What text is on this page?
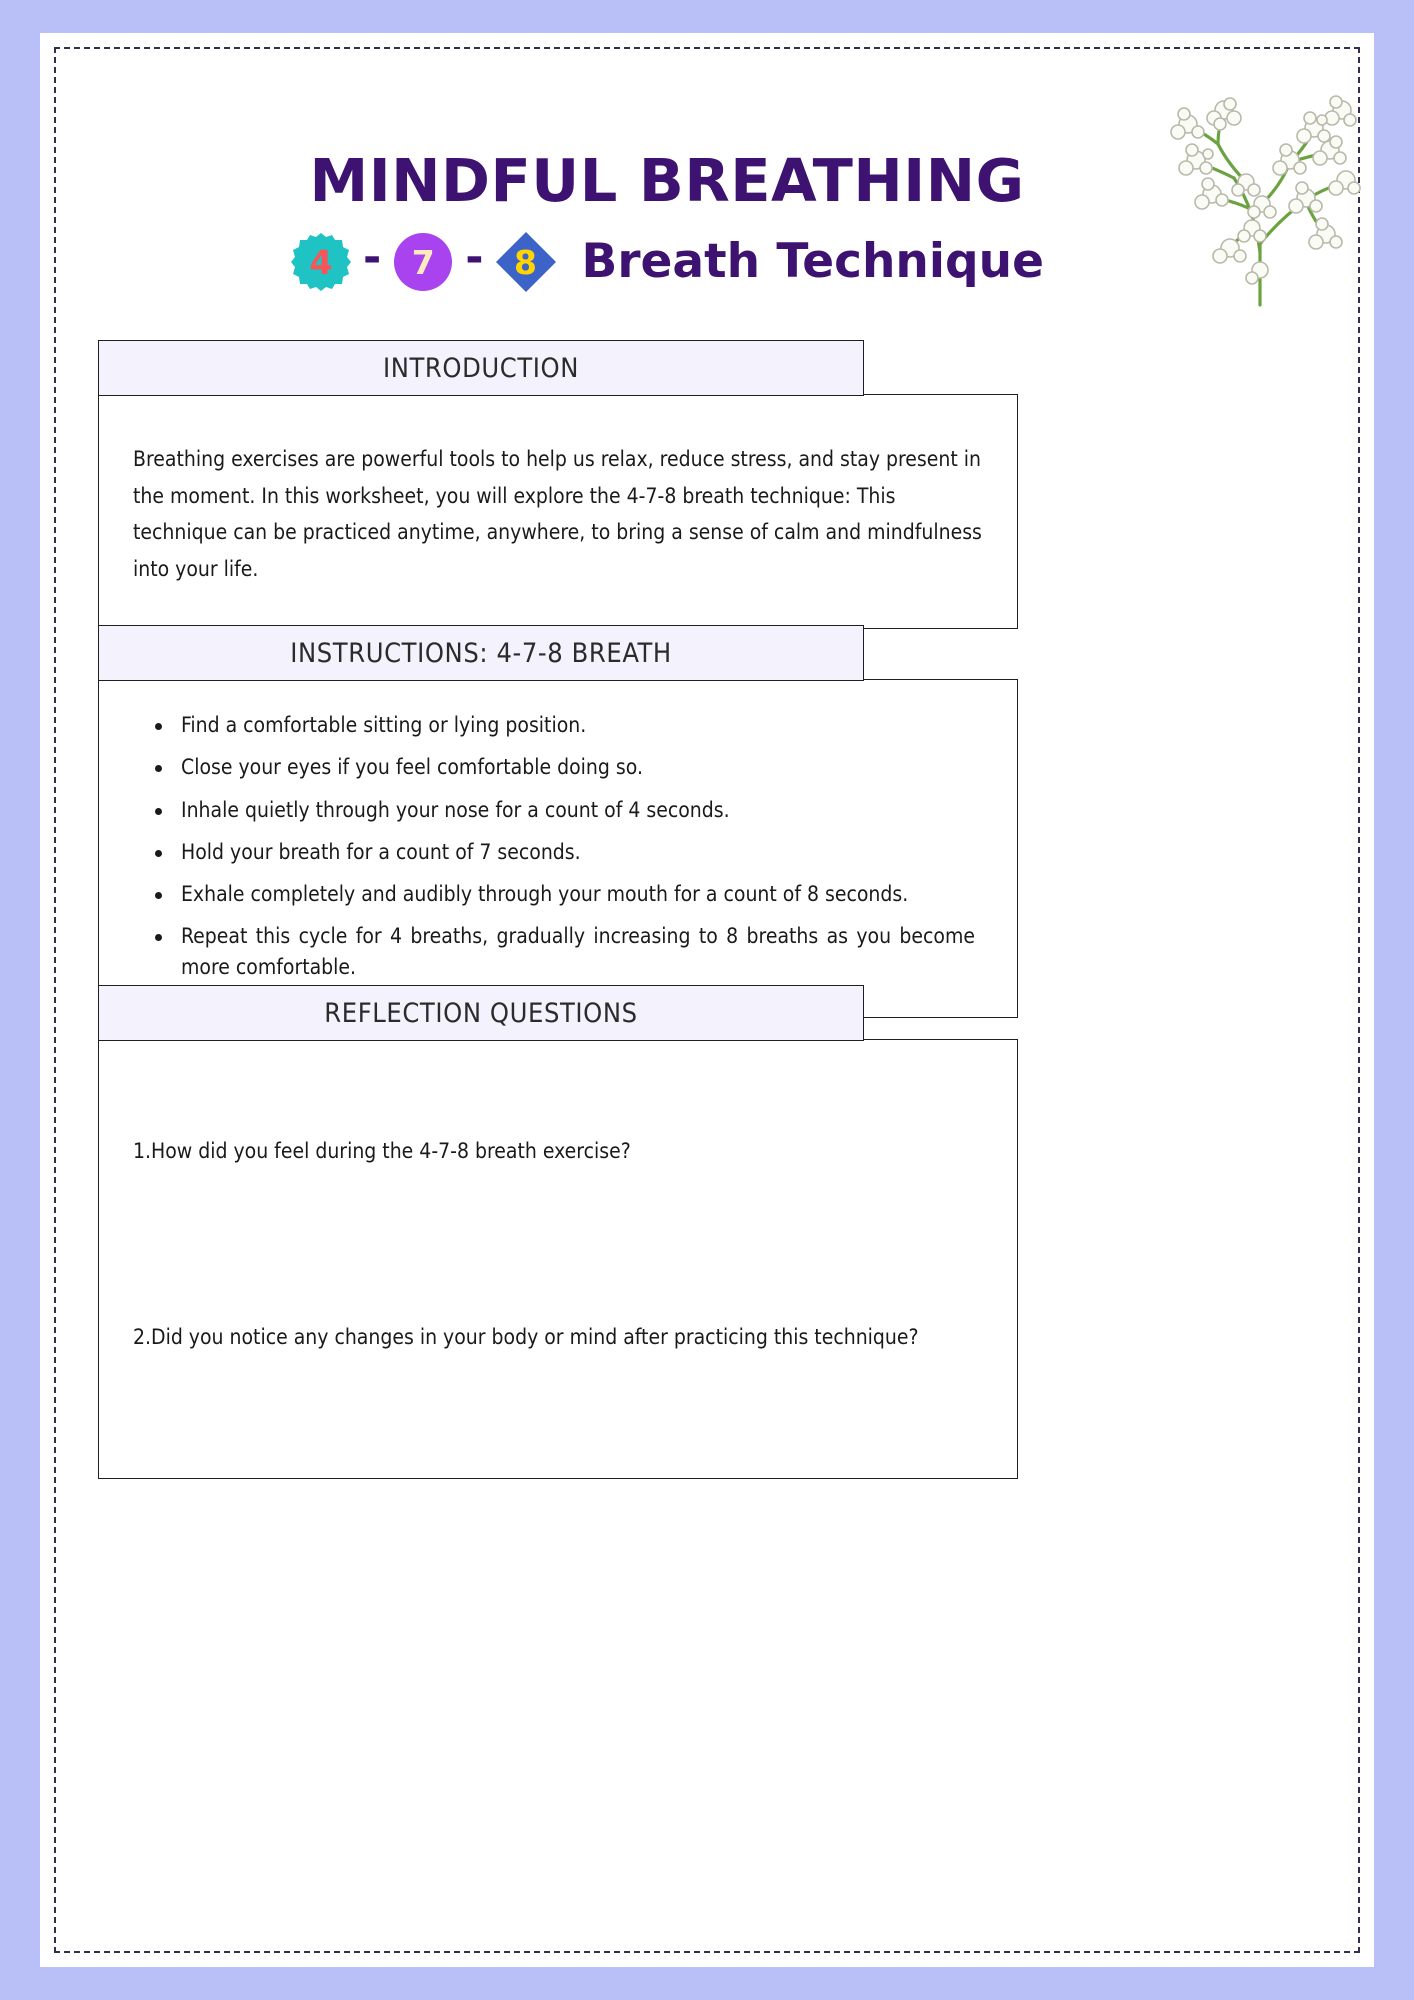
MINDFUL BREATHING
4 - 7 - 8 Breath Technique
INTRODUCTION
Breathing exercises are powerful tools to help us relax, reduce stress, and stay present in the moment. In this worksheet, you will explore the 4-7-8 breath technique: This technique can be practiced anytime, anywhere, to bring a sense of calm and mindfulness into your life.
INSTRUCTIONS: 4-7-8 BREATH
Find a comfortable sitting or lying position.
Close your eyes if you feel comfortable doing so.
Inhale quietly through your nose for a count of 4 seconds.
Hold your breath for a count of 7 seconds.
Exhale completely and audibly through your mouth for a count of 8 seconds.
Repeat this cycle for 4 breaths, gradually increasing to 8 breaths as you become more comfortable.
REFLECTION QUESTIONS
1.How did you feel during the 4-7-8 breath exercise?
2.Did you notice any changes in your body or mind after practicing this technique?
